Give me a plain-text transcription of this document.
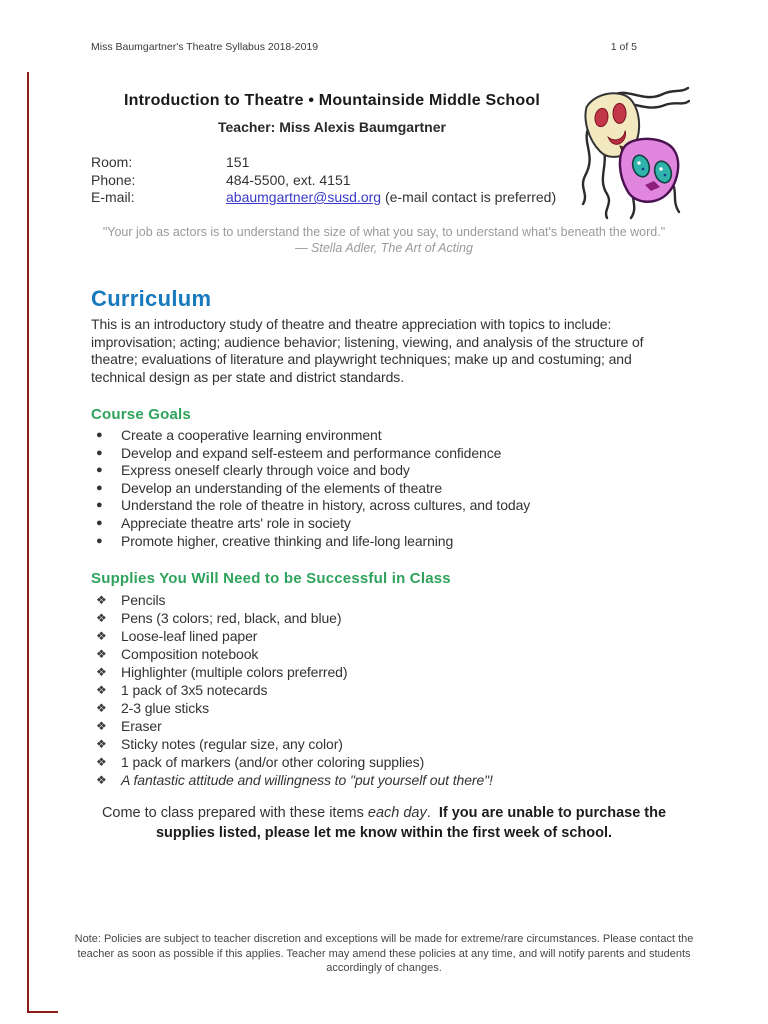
Miss Baumgartner's Theatre Syllabus 2018-2019	1 of 5
Introduction to Theatre • Mountainside Middle School
Teacher: Miss Alexis Baumgartner
Room:	151
Phone:	484-5500, ext. 4151
E-mail:	abaumgartner@susd.org (e-mail contact is preferred)
"Your job as actors is to understand the size of what you say, to understand what's beneath the word."
— Stella Adler, The Art of Acting
Curriculum
This is an introductory study of theatre and theatre appreciation with topics to include: improvisation; acting; audience behavior; listening, viewing, and analysis of the structure of theatre; evaluations of literature and playwright techniques; make up and costuming; and technical design as per state and district standards.
Course Goals
●	Create a cooperative learning environment
●	Develop and expand self-esteem and performance confidence
●	Express oneself clearly through voice and body
●	Develop an understanding of the elements of theatre
●	Understand the role of theatre in history, across cultures, and today
●	Appreciate theatre arts' role in society
●	Promote higher, creative thinking and life-long learning
Supplies You Will Need to be Successful in Class
❖	Pencils
❖	Pens (3 colors; red, black, and blue)
❖	Loose-leaf lined paper
❖	Composition notebook
❖	Highlighter (multiple colors preferred)
❖	1 pack of 3x5 notecards
❖	2-3 glue sticks
❖	Eraser
❖	Sticky notes (regular size, any color)
❖	1 pack of markers (and/or other coloring supplies)
❖	A fantastic attitude and willingness to "put yourself out there"!
Come to class prepared with these items each day.  If you are unable to purchase the supplies listed, please let me know within the first week of school.
Note: Policies are subject to teacher discretion and exceptions will be made for extreme/rare circumstances. Please contact the teacher as soon as possible if this applies. Teacher may amend these policies at any time, and will notify parents and students accordingly of changes.
